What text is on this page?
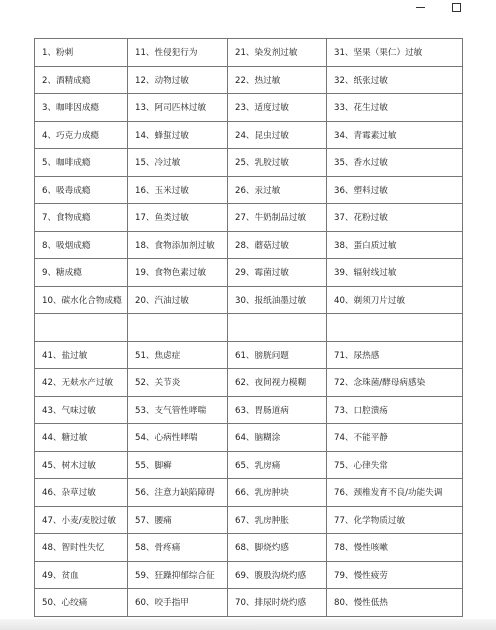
1、粉刺	11、性侵犯行为	21、染发剂过敏	31、坚果（果仁）过敏
2、酒精成瘾	12、动物过敏	22、热过敏	32、纸张过敏
3、咖啡因成瘾	13、阿司匹林过敏	23、适度过敏	33、花生过敏
4、巧克力成瘾	14、蜂蜇过敏	24、昆虫过敏	34、青霉素过敏
5、咖啡成瘾	15、冷过敏	25、乳胶过敏	35、香水过敏
6、吸毒成瘾	16、玉米过敏	26、汞过敏	36、塑料过敏
7、食物成瘾	17、鱼类过敏	27、牛奶制品过敏	37、花粉过敏
8、吸烟成瘾	18、食物添加剂过敏	28、蘑菇过敏	38、蛋白质过敏
9、糖成瘾	19、食物色素过敏	29、霉菌过敏	39、辐射线过敏
10、碳水化合物成瘾	20、汽油过敏	30、报纸油墨过敏	40、剃须刀片过敏

41、盐过敏	51、焦虑症	61、膀胱问题	71、尿热感
42、无麸水产过敏	52、关节炎	62、夜间视力模糊	72、念珠菌/酵母病感染
43、气味过敏	53、支气管性哮喘	63、胃肠道病	73、口腔溃疡
44、糖过敏	54、心病性哮喘	64、脑糊涂	74、不能平静
45、树木过敏	55、脚癣	65、乳房痛	75、心律失常
46、杂草过敏	56、注意力缺陷障碍	66、乳房肿块	76、颈椎发育不良/功能失调
47、小麦/麦胶过敏	57、腰痛	67、乳房肿胀	77、化学物质过敏
48、智时性失忆	58、骨疼痛	68、脚烧灼感	78、慢性咳嗽
49、贫血	59、狂躁抑郁综合征	69、腹股沟烧灼感	79、慢性疲劳
50、心绞痛	60、咬手指甲	70、排尿时烧灼感	80、慢性低热
